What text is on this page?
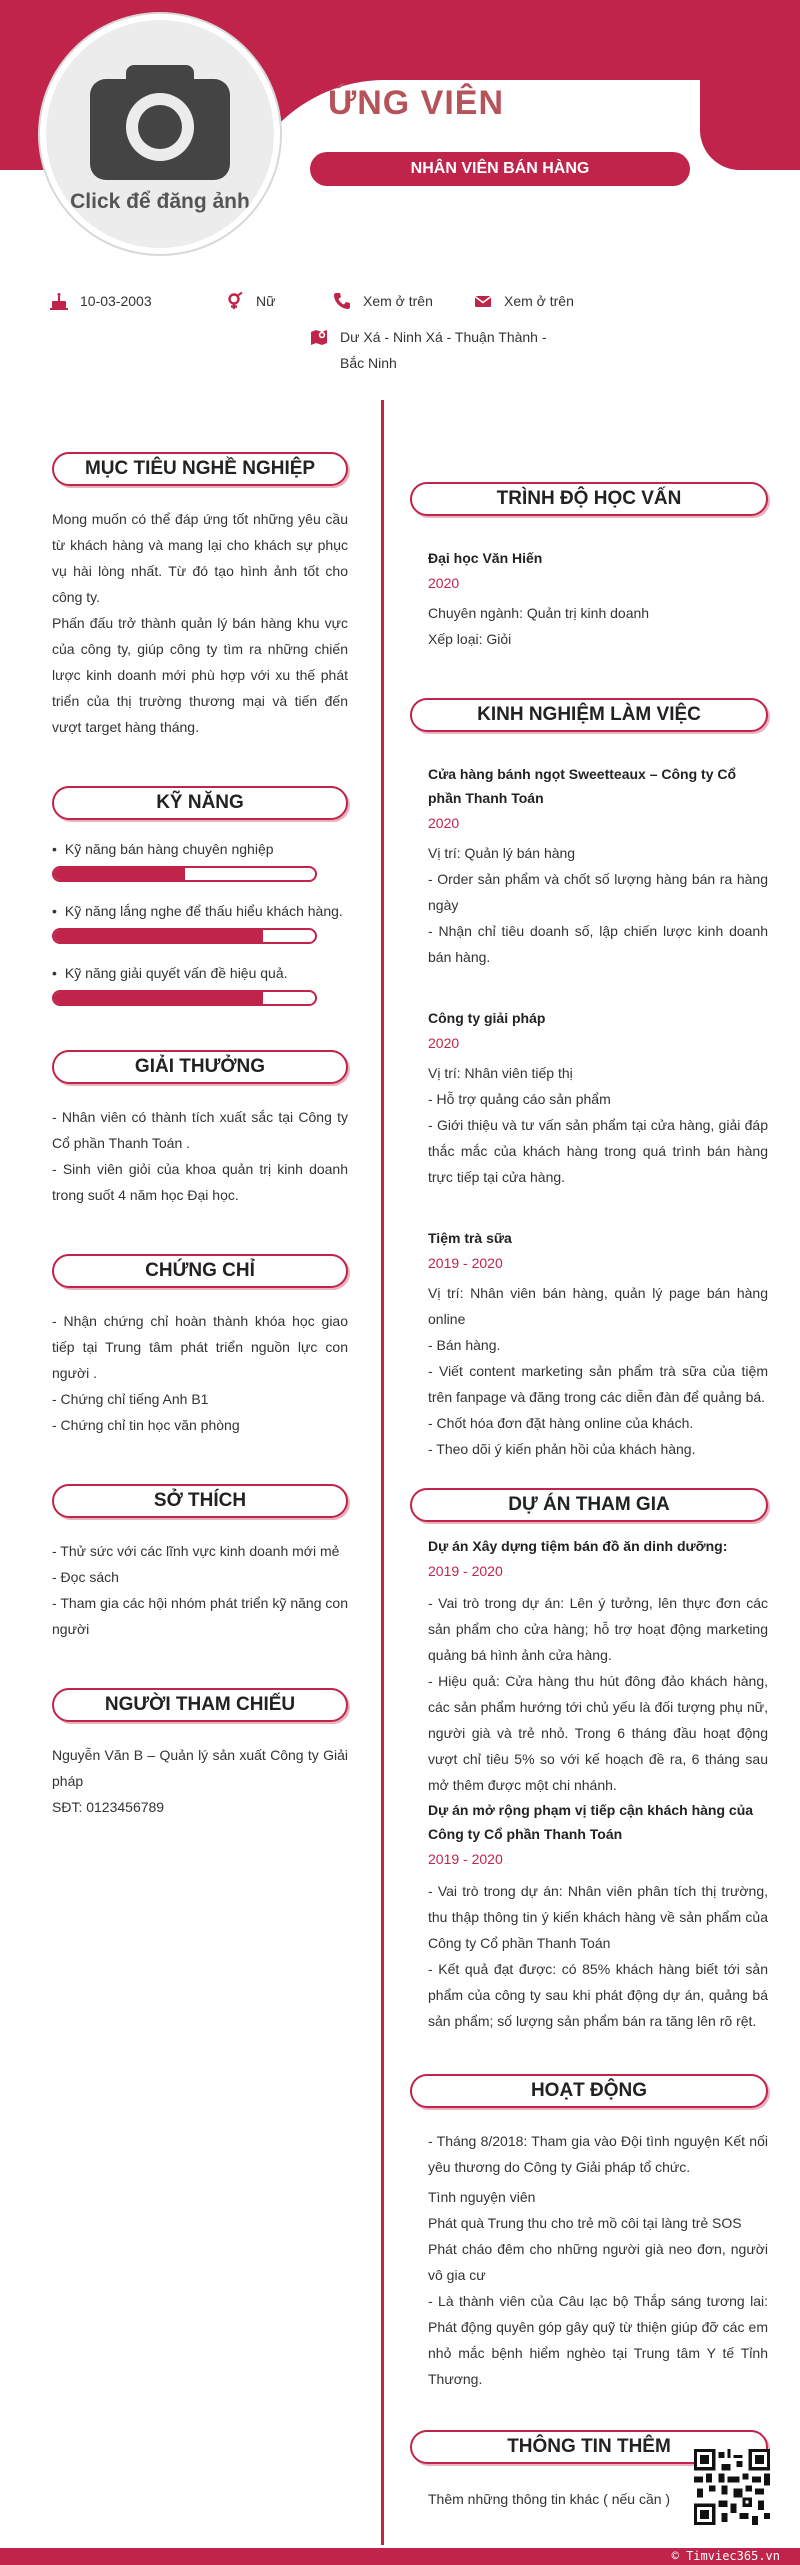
Click để đăng ảnh
ỨNG VIÊN
NHÂN VIÊN BÁN HÀNG
10-03-2003	Nữ	Xem ở trên	Xem ở trên
Dư Xá - Ninh Xá - Thuận Thành -
Bắc Ninh
MỤC TIÊU NGHỀ NGHIỆP
Mong muốn có thể đáp ứng tốt những yêu cầu từ khách hàng và mang lại cho khách sự phục vụ hài lòng nhất. Từ đó tạo hình ảnh tốt cho công ty.
Phấn đấu trở thành quản lý bán hàng khu vực của công ty, giúp công ty tìm ra những chiến lược kinh doanh mới phù hợp với xu thế phát triển của thị trường thương mại và tiến đến vượt target hàng tháng.
KỸ NĂNG
• Kỹ năng bán hàng chuyên nghiệp
• Kỹ năng lắng nghe để thấu hiểu khách hàng.
• Kỹ năng giải quyết vấn đề hiệu quả.
GIẢI THƯỞNG
- Nhân viên có thành tích xuất sắc tại Công ty Cổ phần Thanh Toán .
- Sinh viên giỏi của khoa quản trị kinh doanh trong suốt 4 năm học Đại học.
CHỨNG CHỈ
- Nhận chứng chỉ hoàn thành khóa học giao tiếp tại Trung tâm phát triển nguồn lực con người .
- Chứng chỉ tiếng Anh B1
- Chứng chỉ tin học văn phòng
SỞ THÍCH
- Thử sức với các lĩnh vực kinh doanh mới mẻ
- Đọc sách
- Tham gia các hội nhóm phát triển kỹ năng con người
NGƯỜI THAM CHIẾU
Nguyễn Văn B – Quản lý sản xuất Công ty Giải pháp
SĐT: 0123456789
TRÌNH ĐỘ HỌC VẤN
Đại học Văn Hiến
2020
Chuyên ngành: Quản trị kinh doanh
Xếp loại: Giỏi
KINH NGHIỆM LÀM VIỆC
Cửa hàng bánh ngọt Sweetteaux – Công ty Cổ phần Thanh Toán
2020
Vị trí: Quản lý bán hàng
- Order sản phẩm và chốt số lượng hàng bán ra hàng ngày
- Nhận chỉ tiêu doanh số, lập chiến lược kinh doanh bán hàng.
Công ty giải pháp
2020
Vị trí: Nhân viên tiếp thị
- Hỗ trợ quảng cáo sản phẩm
- Giới thiệu và tư vấn sản phẩm tại cửa hàng, giải đáp thắc mắc của khách hàng trong quá trình bán hàng trực tiếp tại cửa hàng.
Tiệm trà sữa
2019 - 2020
Vị trí: Nhân viên bán hàng, quản lý page bán hàng online
- Bán hàng.
- Viết content marketing sản phẩm trà sữa của tiệm trên fanpage và đăng trong các diễn đàn để quảng bá.
- Chốt hóa đơn đặt hàng online của khách.
- Theo dõi ý kiến phản hồi của khách hàng.
DỰ ÁN THAM GIA
Dự án Xây dựng tiệm bán đồ ăn dinh dưỡng:
2019 - 2020
- Vai trò trong dự án: Lên ý tưởng, lên thực đơn các sản phẩm cho cửa hàng; hỗ trợ hoạt động marketing quảng bá hình ảnh cửa hàng.
- Hiệu quả: Cửa hàng thu hút đông đảo khách hàng, các sản phẩm hướng tới chủ yếu là đối tượng phụ nữ, người già và trẻ nhỏ. Trong 6 tháng đầu hoạt động vượt chỉ tiêu 5% so với kế hoạch đề ra, 6 tháng sau mở thêm được một chi nhánh.
Dự án mở rộng phạm vị tiếp cận khách hàng của Công ty Cổ phần Thanh Toán
2019 - 2020
- Vai trò trong dự án: Nhân viên phân tích thị trường, thu thập thông tin ý kiến khách hàng về sản phẩm của Công ty Cổ phần Thanh Toán
- Kết quả đạt được: có 85% khách hàng biết tới sản phẩm của công ty sau khi phát động dự án, quảng bá sản phẩm; số lượng sản phẩm bán ra tăng lên rõ rệt.
HOẠT ĐỘNG
- Tháng 8/2018: Tham gia vào Đội tình nguyện Kết nối yêu thương do Công ty Giải pháp tổ chức.
Tình nguyện viên
Phát quà Trung thu cho trẻ mồ côi tại làng trẻ SOS
Phát cháo đêm cho những người già neo đơn, người vô gia cư
- Là thành viên của Câu lạc bộ Thắp sáng tương lai: Phát động quyên góp gây quỹ từ thiện giúp đỡ các em nhỏ mắc bệnh hiểm nghèo tại Trung tâm Y tế Tỉnh Thương.
THÔNG TIN THÊM
Thêm những thông tin khác ( nếu cần )
© Timviec365.vn
